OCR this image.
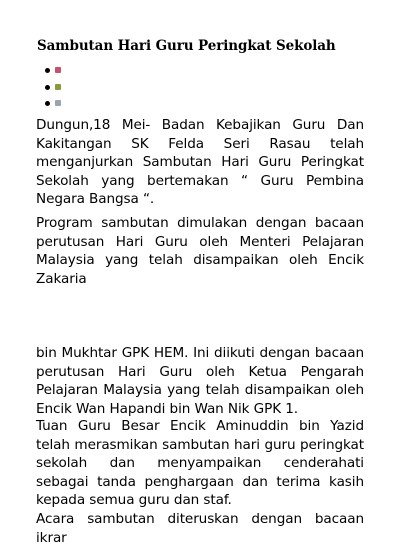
Sambutan Hari Guru Peringkat Sekolah

Dungun,18 Mei- Badan Kebajikan Guru Dan Kakitangan SK Felda Seri Rasau telah menganjurkan Sambutan Hari Guru Peringkat Sekolah yang bertemakan “ Guru Pembina Negara Bangsa “.

Program sambutan dimulakan dengan bacaan perutusan Hari Guru oleh Menteri Pelajaran Malaysia yang telah disampaikan oleh Encik Zakaria

bin Mukhtar GPK HEM. Ini diikuti dengan bacaan perutusan Hari Guru oleh Ketua Pengarah Pelajaran Malaysia yang telah disampaikan oleh Encik Wan Hapandi bin Wan Nik GPK 1.

Tuan Guru Besar Encik Aminuddin bin Yazid telah merasmikan sambutan hari guru peringkat sekolah dan menyampaikan cenderahati sebagai tanda penghargaan dan terima kasih kepada semua guru dan staf.

Acara sambutan diteruskan dengan bacaan ikrar
